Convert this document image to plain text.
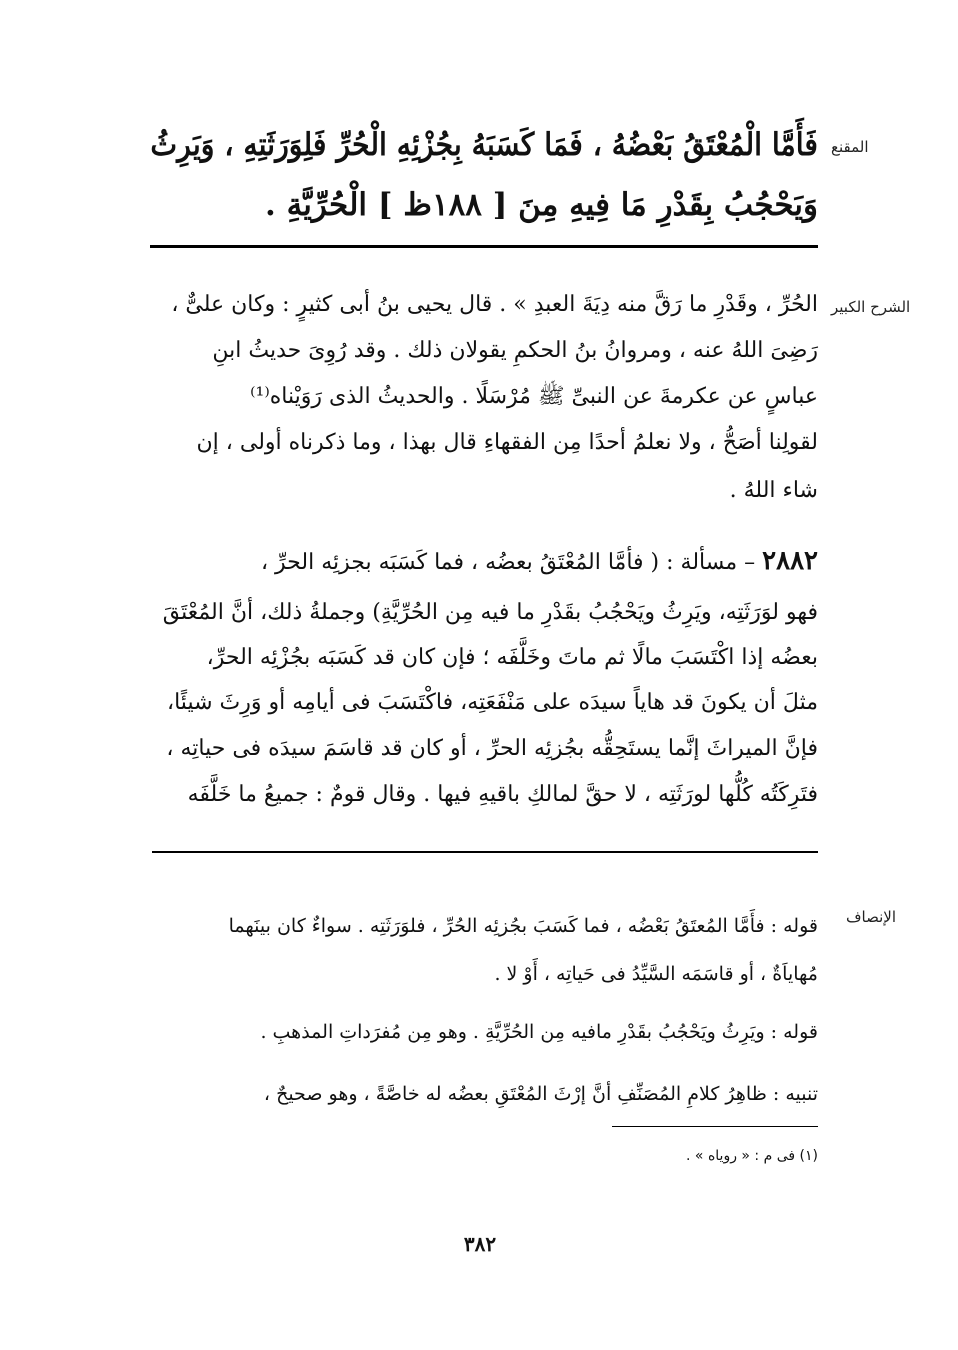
المقنع
فَأَمَّا الْمُعْتَقُ بَعْضُهُ ، فَمَا كَسَبَهُ بِجُزْئِهِ الْحُرِّ فَلِوَرَثَتِهِ ، وَيَرِثُ
وَيَحْجُبُ بِقَدْرِ مَا فِيهِ مِنَ [ ١٨٨ظ ] الْحُرِّيَّةِ .
الشرح الكبير
الحُرِّ ، وقَدْرِ ما رَقَّ منه دِيَةَ العبدِ » . قال يحيى بنُ أبى كثيرٍ : وكان علىٌّ ،
رَضِىَ اللهُ عنه ، ومروانُ بنُ الحكمِ يقولان ذلك . وقد رُوِىَ حديثُ ابنِ
عباسٍ عن عكرمةَ عن النبىِّ ﷺ مُرْسَلًا . والحديثُ الذى رَوَيْناه⁽¹⁾
لقولِنا أصَحُّ ، ولا نعلمُ أحدًا مِن الفقهاءِ قال بهذا ، وما ذكرناه أولى ، إن
شاء اللهُ .
٢٨٨٢ – مسألة : ( فأمَّا المُعْتَقُ بعضُه ، فما كَسَبَه بجزئِه الحرِّ ،
فهو لوَرَثَتِه، ويَرِثُ ويَحْجُبُ بقَدْرِ ما فيه مِن الحُرِّيَّةِ) وجملةُ ذلك، أنَّ المُعْتَقَ
بعضُه إذا اكْتَسَبَ مالًا ثم ماتَ وخَلَّفَه ؛ فإن كان قد كَسَبَه بجُزْئِه الحرِّ،
مثلَ أن يكونَ قد هاياً سيدَه على مَنْفَعَتِه، فاكْتَسَبَ فى أيامِه أو وَرِثَ شيئًا،
فإنَّ الميراثَ إنَّما يستَحِقُّه بجُزئِه الحرِّ ، أو كان قد قاسَمَ سيدَه فى حياتِه ،
فتَرِكَتُه كُلُّها لورَثَتِه ، لا حقَّ لمالكِ باقيهِ فيها . وقال قومٌ : جميعُ ما خَلَّفَه
الإنصاف
قوله : فأَمَّا المُعتَقُ بَعْضُه ، فما كَسَبَ بجُزئِه الحُرِّ ، فلوَرَثَتِه . سواءٌ كان بينَهما
مُهاياَةٌ ، أو قاسَمَه السَّيِّدُ فى حَياتِه ، أَوْ لا .
قوله : ويَرِثُ ويَحْجُبُ بقَدْرِ مافيه مِن الحُرِّيَّةِ . وهو مِن مُفرَداتِ المذهبِ .
تنبيه : ظاهِرُ كلامِ المُصَنِّفِ أنَّ إرْثَ المُعْتَقِ بعضُه له خاصَّةً ، وهو صحيحٌ ،
(١) فى م : « روياه » .
٣٨٢
